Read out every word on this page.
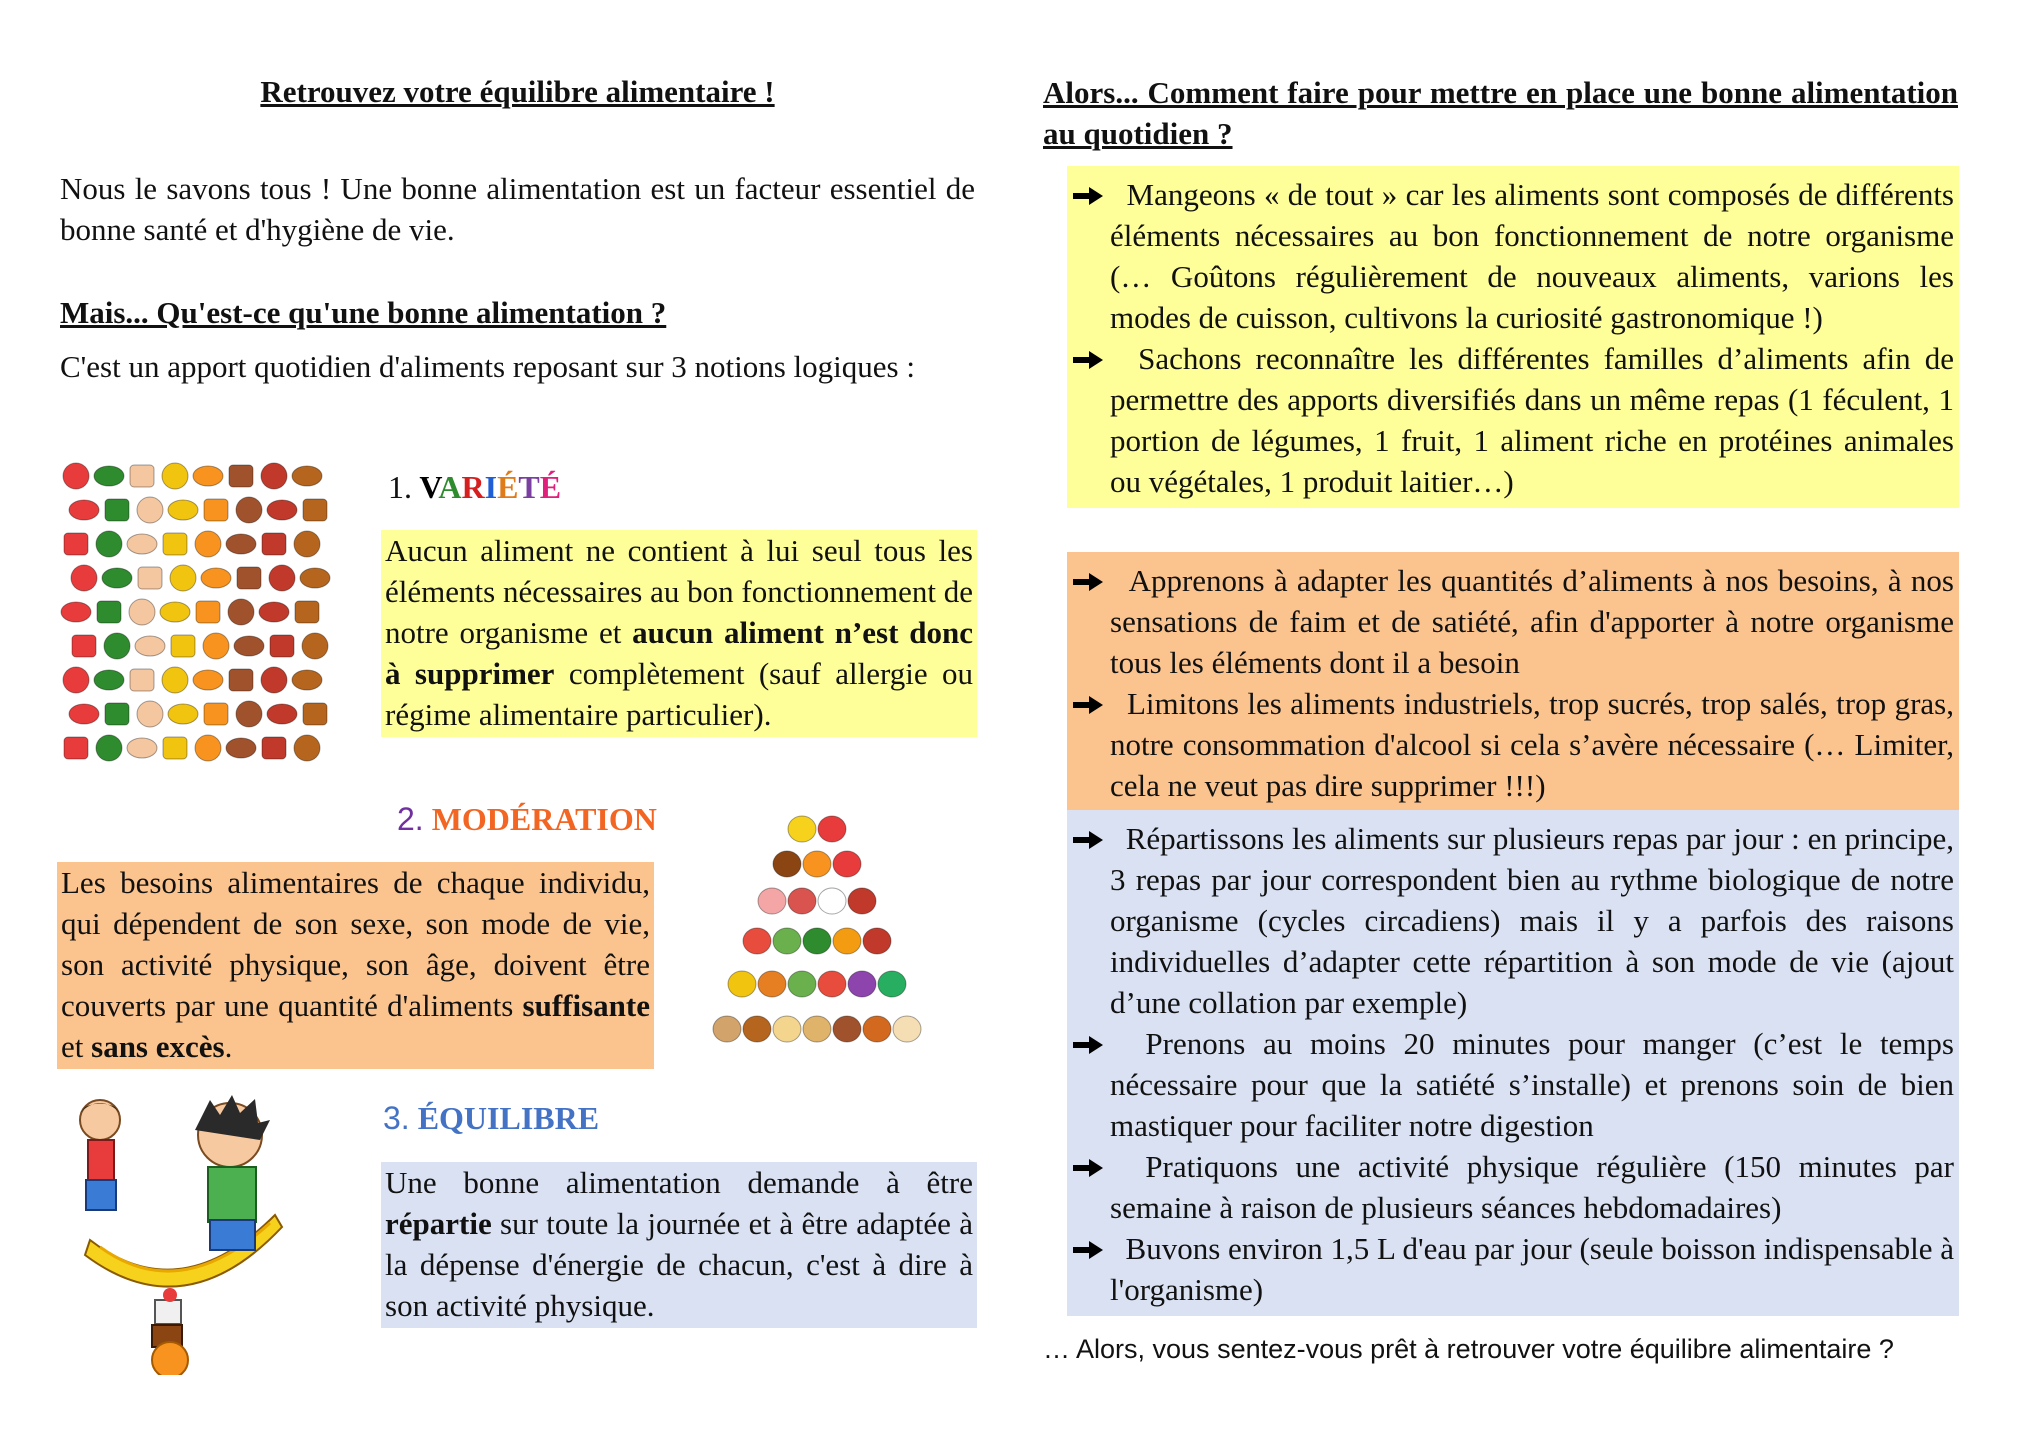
Retrouvez votre équilibre alimentaire !
Nous le savons tous ! Une bonne alimentation est un facteur essentiel de bonne santé et d'hygiène de vie.
Mais... Qu'est-ce qu'une bonne alimentation ?
C'est un apport quotidien d'aliments reposant sur 3 notions logiques :
1. VARIÉTÉ
Aucun aliment ne contient à lui seul tous les éléments nécessaires au bon fonctionnement de notre organisme et aucun aliment n’est donc à supprimer complètement (sauf allergie ou régime alimentaire particulier).
2. MODÉRATION
Les besoins alimentaires de chaque individu, qui dépendent de son sexe, son mode de vie, son activité physique, son âge, doivent être couverts par une quantité d'aliments suffisante et sans excès.
3. ÉQUILIBRE
Une bonne alimentation demande à être répartie sur toute la journée et à être adaptée à la dépense d'énergie de chacun, c'est à dire à son activité physique.
Alors... Comment faire pour mettre en place une bonne alimentation au quotidien ?
Mangeons « de tout » car les aliments sont composés de différents éléments nécessaires au bon fonctionnement de notre organisme (… Goûtons régulièrement de nouveaux aliments, varions les modes de cuisson, cultivons la curiosité gastronomique !)
Sachons reconnaître les différentes familles d’aliments afin de permettre des apports diversifiés dans un même repas (1 féculent, 1 portion de légumes, 1 fruit, 1 aliment riche en protéines animales ou végétales, 1 produit laitier…)
Apprenons à adapter les quantités d’aliments à nos besoins, à nos sensations de faim et de satiété, afin d'apporter à notre organisme tous les éléments dont il a besoin
Limitons les aliments industriels, trop sucrés, trop salés, trop gras, notre consommation d'alcool si cela s’avère nécessaire (… Limiter, cela ne veut pas dire supprimer !!!)
Répartissons les aliments sur plusieurs repas par jour : en principe, 3 repas par jour correspondent bien au rythme biologique de notre organisme (cycles circadiens) mais il y a parfois des raisons individuelles d’adapter cette répartition à son mode de vie (ajout d’une collation par exemple)
Prenons au moins 20 minutes pour manger (c’est le temps nécessaire pour que la satiété s’installe) et prenons soin de bien mastiquer pour faciliter notre digestion
Pratiquons une activité physique régulière (150 minutes par semaine à raison de plusieurs séances hebdomadaires)
Buvons environ 1,5 L d'eau par jour (seule boisson indispensable à l'organisme)
… Alors, vous sentez-vous prêt à retrouver votre équilibre alimentaire ?
